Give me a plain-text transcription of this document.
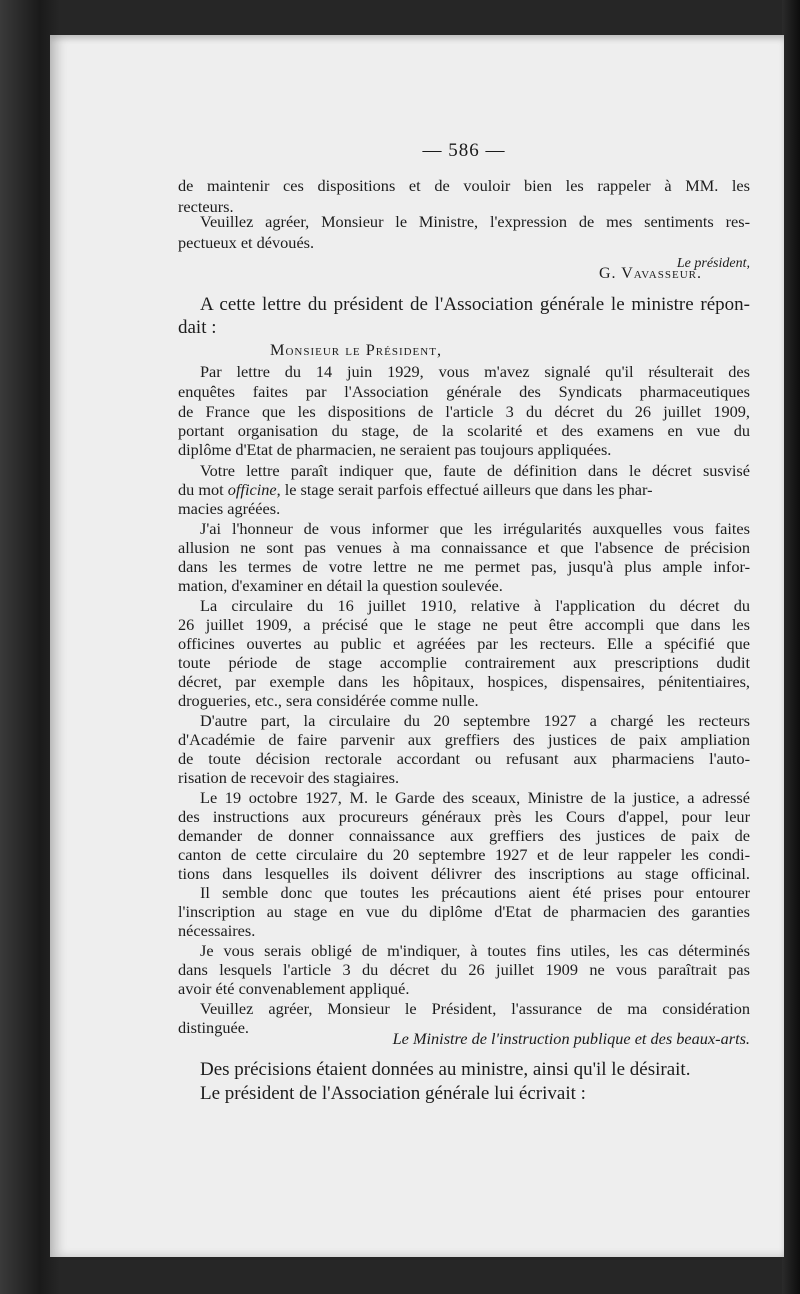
— 586 —
de maintenir ces dispositions et de vouloir bien les rappeler à MM. les
recteurs.
Veuillez agréer, Monsieur le Ministre, l'expression de mes sentiments res-
pectueux et dévoués.
Le président,
G. Vavasseur.
A cette lettre du président de l'Association générale le ministre répon-
dait :
Monsieur le Président,
Par lettre du 14 juin 1929, vous m'avez signalé qu'il résulterait des
enquêtes faites par l'Association générale des Syndicats pharmaceutiques
de France que les dispositions de l'article 3 du décret du 26 juillet 1909,
portant organisation du stage, de la scolarité et des examens en vue du
diplôme d'Etat de pharmacien, ne seraient pas toujours appliquées.
Votre lettre paraît indiquer que, faute de définition dans le décret susvisé
du mot officine, le stage serait parfois effectué ailleurs que dans les phar-
macies agréées.
J'ai l'honneur de vous informer que les irrégularités auxquelles vous faites
allusion ne sont pas venues à ma connaissance et que l'absence de précision
dans les termes de votre lettre ne me permet pas, jusqu'à plus ample infor-
mation, d'examiner en détail la question soulevée.
La circulaire du 16 juillet 1910, relative à l'application du décret du
26 juillet 1909, a précisé que le stage ne peut être accompli que dans les
officines ouvertes au public et agréées par les recteurs. Elle a spécifié que
toute période de stage accomplie contrairement aux prescriptions dudit
décret, par exemple dans les hôpitaux, hospices, dispensaires, pénitentiaires,
drogueries, etc., sera considérée comme nulle.
D'autre part, la circulaire du 20 septembre 1927 a chargé les recteurs
d'Académie de faire parvenir aux greffiers des justices de paix ampliation
de toute décision rectorale accordant ou refusant aux pharmaciens l'auto-
risation de recevoir des stagiaires.
Le 19 octobre 1927, M. le Garde des sceaux, Ministre de la justice, a adressé
des instructions aux procureurs généraux près les Cours d'appel, pour leur
demander de donner connaissance aux greffiers des justices de paix de
canton de cette circulaire du 20 septembre 1927 et de leur rappeler les condi-
tions dans lesquelles ils doivent délivrer des inscriptions au stage officinal.
Il semble donc que toutes les précautions aient été prises pour entourer
l'inscription au stage en vue du diplôme d'Etat de pharmacien des garanties
nécessaires.
Je vous serais obligé de m'indiquer, à toutes fins utiles, les cas déterminés
dans lesquels l'article 3 du décret du 26 juillet 1909 ne vous paraîtrait pas
avoir été convenablement appliqué.
Veuillez agréer, Monsieur le Président, l'assurance de ma considération
distinguée.
Le Ministre de l'instruction publique et des beaux-arts.
Des précisions étaient données au ministre, ainsi qu'il le désirait.
Le président de l'Association générale lui écrivait :
